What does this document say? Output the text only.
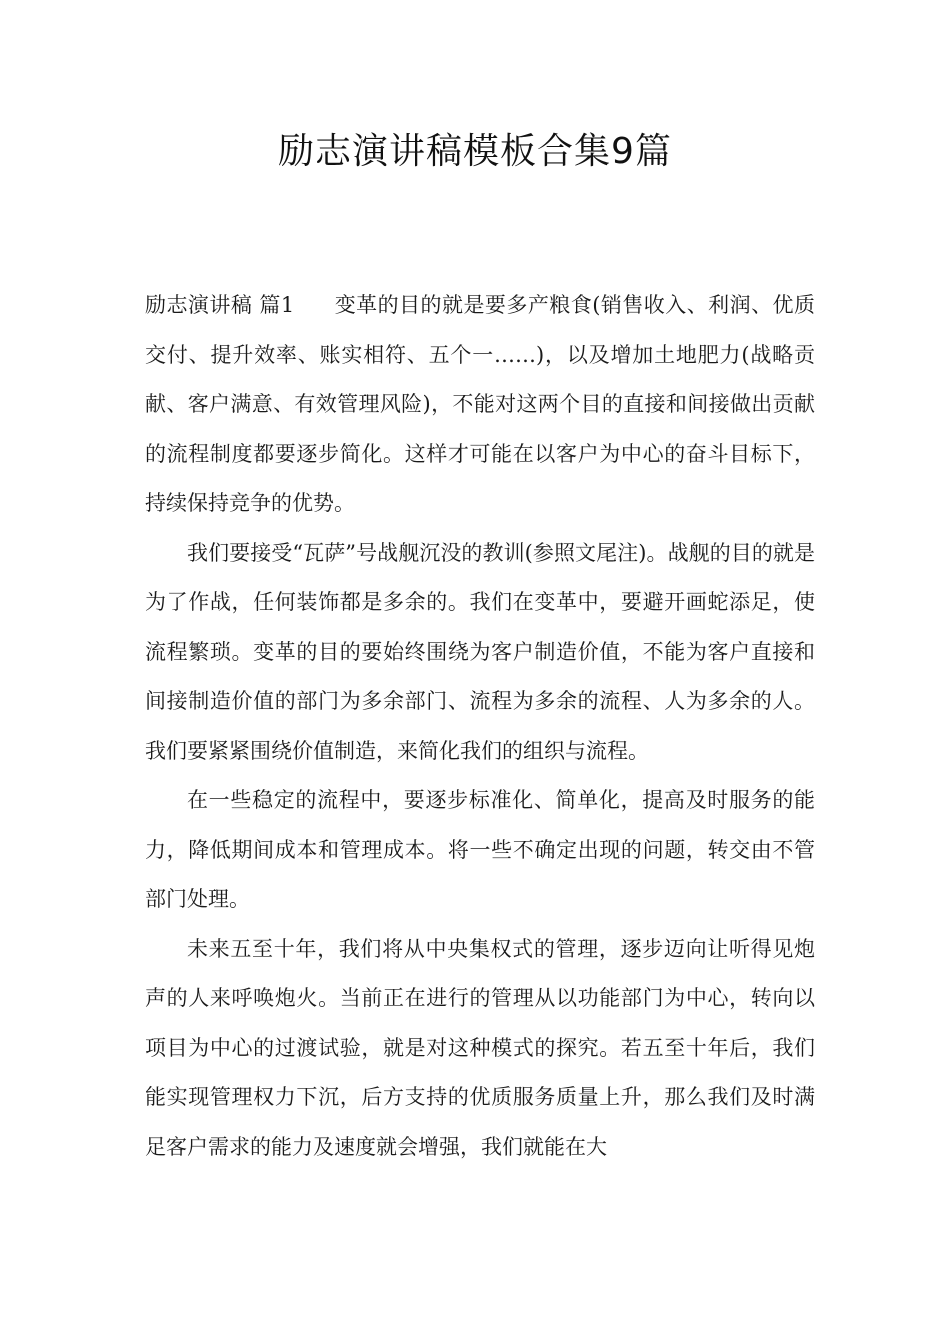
励志演讲稿模板合集9篇

励志演讲稿 篇1 变革的目的就是要多产粮食(销售收入、利润、优质交付、提升效率、账实相符、五个一……)，以及增加土地肥力(战略贡献、客户满意、有效管理风险)，不能对这两个目的直接和间接做出贡献的流程制度都要逐步简化。这样才可能在以客户为中心的奋斗目标下，持续保持竞争的优势。

我们要接受“瓦萨”号战舰沉没的教训(参照文尾注)。战舰的目的就是为了作战，任何装饰都是多余的。我们在变革中，要避开画蛇添足，使流程繁琐。变革的目的要始终围绕为客户制造价值，不能为客户直接和间接制造价值的部门为多余部门、流程为多余的流程、人为多余的人。我们要紧紧围绕价值制造，来简化我们的组织与流程。

在一些稳定的流程中，要逐步标准化、简单化，提高及时服务的能力，降低期间成本和管理成本。将一些不确定出现的问题，转交由不管部门处理。

未来五至十年，我们将从中央集权式的管理，逐步迈向让听得见炮声的人来呼唤炮火。当前正在进行的管理从以功能部门为中心，转向以项目为中心的过渡试验，就是对这种模式的探究。若五至十年后，我们能实现管理权力下沉，后方支持的优质服务质量上升，那么我们及时满足客户需求的能力及速度就会增强，我们就能在大
